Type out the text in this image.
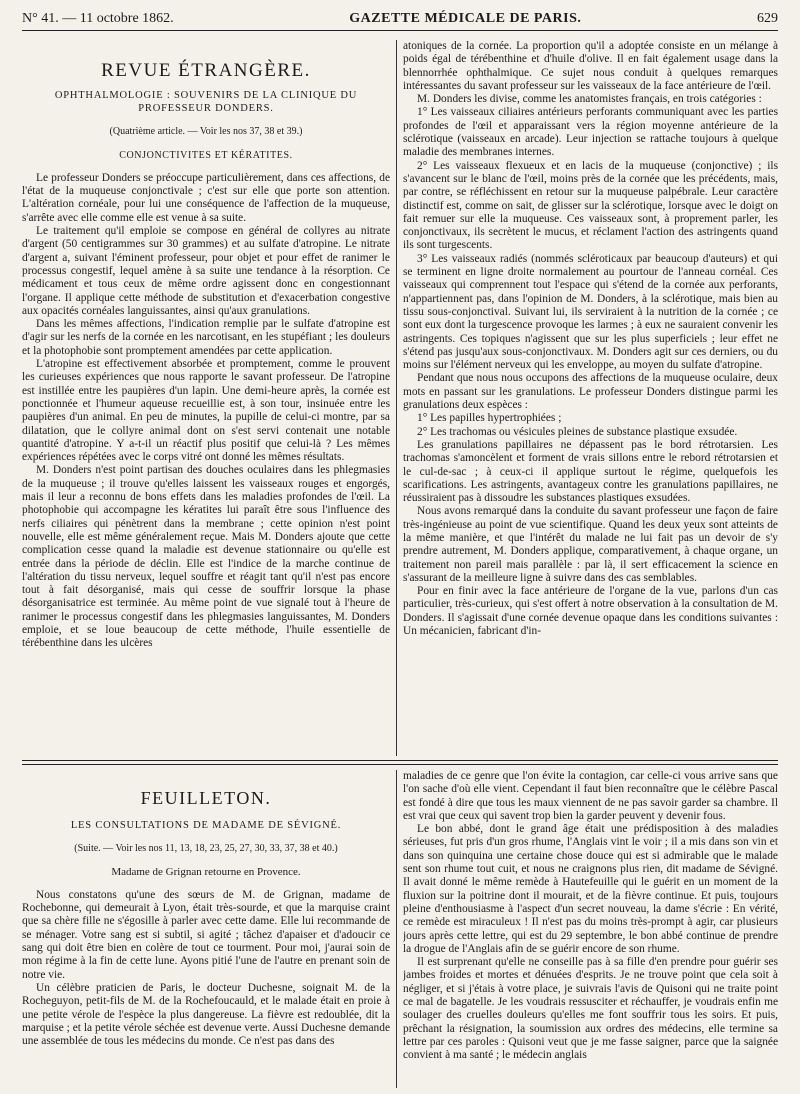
N° 41. — 11 octobre 1862.	GAZETTE MÉDICALE DE PARIS.	629
REVUE ÉTRANGÈRE.
OPHTHALMOLOGIE : SOUVENIRS DE LA CLINIQUE DU PROFESSEUR DONDERS.
(Quatrième article. — Voir les nos 37, 38 et 39.)
CONJONCTIVITES ET KÉRATITES.

Le professeur Donders se préoccupe particulièrement, dans ces affections, de l'état de la muqueuse conjonctivale ; c'est sur elle que porte son attention. L'altération cornéale, pour lui une conséquence de l'affection de la muqueuse, s'arrête avec elle comme elle est venue à sa suite.

Le traitement qu'il emploie se compose en général de collyres au nitrate d'argent (50 centigrammes sur 30 grammes) et au sulfate d'atropine. Le nitrate d'argent a, suivant l'éminent professeur, pour objet et pour effet de ranimer le processus congestif, lequel amène à sa suite une tendance à la résorption. Ce médicament et tous ceux de même ordre agissent donc en congestionnant l'organe. Il applique cette méthode de substitution et d'exacerbation congestive aux opacités cornéales languissantes, ainsi qu'aux granulations.

Dans les mêmes affections, l'indication remplie par le sulfate d'atropine est d'agir sur les nerfs de la cornée en les narcotisant, en les stupéfiant ; les douleurs et la photophobie sont promptement amendées par cette application.

L'atropine est effectivement absorbée et promptement, comme le prouvent les curieuses expériences que nous rapporte le savant professeur. De l'atropine est instillée entre les paupières d'un lapin. Une demi-heure après, la cornée est ponctionnée et l'humeur aqueuse recueillie est, à son tour, insinuée entre les paupières d'un animal. En peu de minutes, la pupille de celui-ci montre, par sa dilatation, que le collyre animal dont on s'est servi contenait une notable quantité d'atropine. Y a-t-il un réactif plus positif que celui-là ? Les mêmes expériences répétées avec le corps vitré ont donné les mêmes résultats.

M. Donders n'est point partisan des douches oculaires dans les phlegmasies de la muqueuse ; il trouve qu'elles laissent les vaisseaux rouges et engorgés, mais il leur a reconnu de bons effets dans les maladies profondes de l'œil. La photophobie qui accompagne les kératites lui paraît être sous l'influence des nerfs ciliaires qui pénètrent dans la membrane ; cette opinion n'est point nouvelle, elle est même généralement reçue. Mais M. Donders ajoute que cette complication cesse quand la maladie est devenue stationnaire ou qu'elle est entrée dans la période de déclin. Elle est l'indice de la marche continue de l'altération du tissu nerveux, lequel souffre et réagit tant qu'il n'est pas encore tout à fait désorganisé, mais qui cesse de souffrir lorsque la phase désorganisatrice est terminée. Au même point de vue signalé tout à l'heure de ranimer le processus congestif dans les phlegmasies languissantes, M. Donders emploie, et se loue beaucoup de cette méthode, l'huile essentielle de térébenthine dans les ulcères

atoniques de la cornée. La proportion qu'il a adoptée consiste en un mélange à poids égal de térébenthine et d'huile d'olive. Il en fait également usage dans la blennorrhée ophthalmique. Ce sujet nous conduit à quelques remarques intéressantes du savant professeur sur les vaisseaux de la face antérieure de l'œil.

M. Donders les divise, comme les anatomistes français, en trois catégories :

1° Les vaisseaux ciliaires antérieurs perforants communiquant avec les parties profondes de l'œil et apparaissant vers la région moyenne antérieure de la sclérotique (vaisseaux en arcade). Leur injection se rattache toujours à quelque maladie des membranes internes.

2° Les vaisseaux flexueux et en lacis de la muqueuse (conjonctive) ; ils s'avancent sur le blanc de l'œil, moins près de la cornée que les précédents, mais, par contre, se réfléchissent en retour sur la muqueuse palpébrale. Leur caractère distinctif est, comme on sait, de glisser sur la sclérotique, lorsque avec le doigt on fait remuer sur elle la muqueuse. Ces vaisseaux sont, à proprement parler, les conjonctivaux, ils secrètent le mucus, et réclament l'action des astringents quand ils sont turgescents.

3° Les vaisseaux radiés (nommés scléroticaux par beaucoup d'auteurs) et qui se terminent en ligne droite normalement au pourtour de l'anneau cornéal. Ces vaisseaux qui comprennent tout l'espace qui s'étend de la cornée aux perforants, n'appartiennent pas, dans l'opinion de M. Donders, à la sclérotique, mais bien au tissu sous-conjonctival. Suivant lui, ils serviraient à la nutrition de la cornée ; ce sont eux dont la turgescence provoque les larmes ; à eux ne sauraient convenir les astringents. Ces topiques n'agissent que sur les plus superficiels ; leur effet ne s'étend pas jusqu'aux sous-conjonctivaux. M. Donders agit sur ces derniers, ou du moins sur l'élément nerveux qui les enveloppe, au moyen du sulfate d'atropine.

Pendant que nous nous occupons des affections de la muqueuse oculaire, deux mots en passant sur les granulations. Le professeur Donders distingue parmi les granulations deux espèces :

1° Les papilles hypertrophiées ;

2° Les trachomas ou vésicules pleines de substance plastique exsudée.

Les granulations papillaires ne dépassent pas le bord rétrotarsien. Les trachomas s'amoncèlent et forment de vrais sillons entre le rebord rétrotarsien et le cul-de-sac ; à ceux-ci il applique surtout le régime, quelquefois les scarifications. Les astringents, avantageux contre les granulations papillaires, ne réussiraient pas à dissoudre les substances plastiques exsudées.

Nous avons remarqué dans la conduite du savant professeur une façon de faire très-ingénieuse au point de vue scientifique. Quand les deux yeux sont atteints de la même manière, et que l'intérêt du malade ne lui fait pas un devoir de s'y prendre autrement, M. Donders applique, comparativement, à chaque organe, un traitement non pareil mais parallèle : par là, il sert efficacement la science en s'assurant de la meilleure ligne à suivre dans des cas semblables.

Pour en finir avec la face antérieure de l'organe de la vue, parlons d'un cas particulier, très-curieux, qui s'est offert à notre observation à la consultation de M. Donders. Il s'agissait d'une cornée devenue opaque dans les conditions suivantes : Un mécanicien, fabricant d'in-

FEUILLETON.
LES CONSULTATIONS DE MADAME DE SÉVIGNÉ.
(Suite. — Voir les nos 11, 13, 18, 23, 25, 27, 30, 33, 37, 38 et 40.)
Madame de Grignan retourne en Provence.

Nous constatons qu'une des sœurs de M. de Grignan, madame de Rochebonne, qui demeurait à Lyon, était très-sourde, et que la marquise craint que sa chère fille ne s'égosille à parler avec cette dame. Elle lui recommande de se ménager. Votre sang est si subtil, si agité ; tâchez d'apaiser et d'adoucir ce sang qui doit être bien en colère de tout ce tourment. Pour moi, j'aurai soin de mon régime à la fin de cette lune. Ayons pitié l'une de l'autre en prenant soin de notre vie.

Un célèbre praticien de Paris, le docteur Duchesne, soignait M. de la Rocheguyon, petit-fils de M. de la Rochefoucauld, et le malade était en proie à une petite vérole de l'espèce la plus dangereuse. La fièvre est redoublée, dit la marquise ; et la petite vérole séchée est devenue verte. Aussi Duchesne demande une assemblée de tous les médecins du monde. Ce n'est pas dans des

maladies de ce genre que l'on évite la contagion, car celle-ci vous arrive sans que l'on sache d'où elle vient. Cependant il faut bien reconnaître que le célèbre Pascal est fondé à dire que tous les maux viennent de ne pas savoir garder sa chambre. Il est vrai que ceux qui savent trop bien la garder peuvent y devenir fous.

Le bon abbé, dont le grand âge était une prédisposition à des maladies sérieuses, fut pris d'un gros rhume, l'Anglais vint le voir ; il a mis dans son vin et dans son quinquina une certaine chose douce qui est si admirable que le malade sent son rhume tout cuit, et nous ne craignons plus rien, dit madame de Sévigné. Il avait donné le même remède à Hautefeuille qui le guérit en un moment de la fluxion sur la poitrine dont il mourait, et de la fièvre continue. Et puis, toujours pleine d'enthousiasme à l'aspect d'un secret nouveau, la dame s'écrie : En vérité, ce remède est miraculeux ! Il n'est pas du moins très-prompt à agir, car plusieurs jours après cette lettre, qui est du 29 septembre, le bon abbé continue de prendre la drogue de l'Anglais afin de se guérir encore de son rhume.

Il est surprenant qu'elle ne conseille pas à sa fille d'en prendre pour guérir ses jambes froides et mortes et dénuées d'esprits. Je ne trouve point que cela soit à négliger, et si j'étais à votre place, je suivrais l'avis de Quisoni qui ne traite point ce mal de bagatelle. Je les voudrais ressusciter et réchauffer, je voudrais enfin me soulager des cruelles douleurs qu'elles me font souffrir tous les soirs. Et puis, prêchant la résignation, la soumission aux ordres des médecins, elle termine sa lettre par ces paroles : Quisoni veut que je me fasse saigner, parce que la saignée convient à ma santé ; le médecin anglais
